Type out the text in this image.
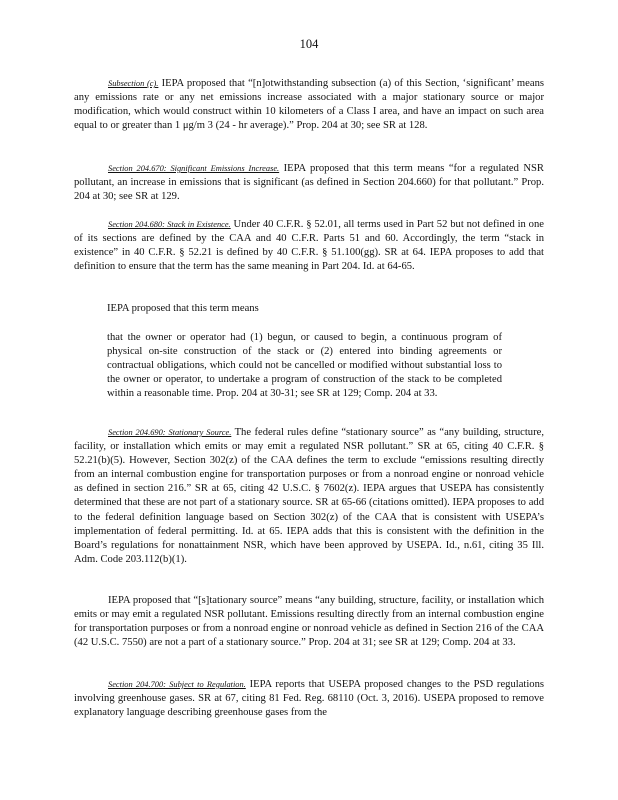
104

Subsection (c). IEPA proposed that “[n]otwithstanding subsection (a) of this Section, ‘significant’ means any emissions rate or any net emissions increase associated with a major stationary source or major modification, which would construct within 10 kilometers of a Class I area, and have an impact on such area equal to or greater than 1 μg/m 3 (24 - hr average).” Prop. 204 at 30; see SR at 128.

Section 204.670: Significant Emissions Increase. IEPA proposed that this term means “for a regulated NSR pollutant, an increase in emissions that is significant (as defined in Section 204.660) for that pollutant.” Prop. 204 at 30; see SR at 129.

Section 204.680: Stack in Existence. Under 40 C.F.R. § 52.01, all terms used in Part 52 but not defined in one of its sections are defined by the CAA and 40 C.F.R. Parts 51 and 60. Accordingly, the term “stack in existence” in 40 C.F.R. § 52.21 is defined by 40 C.F.R. § 51.100(gg). SR at 64. IEPA proposes to add that definition to ensure that the term has the same meaning in Part 204. Id. at 64-65.

IEPA proposed that this term means

that the owner or operator had (1) begun, or caused to begin, a continuous program of physical on-site construction of the stack or (2) entered into binding agreements or contractual obligations, which could not be cancelled or modified without substantial loss to the owner or operator, to undertake a program of construction of the stack to be completed within a reasonable time. Prop. 204 at 30-31; see SR at 129; Comp. 204 at 33.

Section 204.690: Stationary Source. The federal rules define “stationary source” as “any building, structure, facility, or installation which emits or may emit a regulated NSR pollutant.” SR at 65, citing 40 C.F.R. § 52.21(b)(5). However, Section 302(z) of the CAA defines the term to exclude “emissions resulting directly from an internal combustion engine for transportation purposes or from a nonroad engine or nonroad vehicle as defined in section 216.” SR at 65, citing 42 U.S.C. § 7602(z). IEPA argues that USEPA has consistently determined that these are not part of a stationary source. SR at 65-66 (citations omitted). IEPA proposes to add to the federal definition language based on Section 302(z) of the CAA that is consistent with USEPA’s implementation of federal permitting. Id. at 65. IEPA adds that this is consistent with the definition in the Board’s regulations for nonattainment NSR, which have been approved by USEPA. Id., n.61, citing 35 Ill. Adm. Code 203.112(b)(1).

IEPA proposed that “[s]tationary source” means “any building, structure, facility, or installation which emits or may emit a regulated NSR pollutant. Emissions resulting directly from an internal combustion engine for transportation purposes or from a nonroad engine or nonroad vehicle as defined in Section 216 of the CAA (42 U.S.C. 7550) are not a part of a stationary source.” Prop. 204 at 31; see SR at 129; Comp. 204 at 33.

Section 204.700: Subject to Regulation. IEPA reports that USEPA proposed changes to the PSD regulations involving greenhouse gases. SR at 67, citing 81 Fed. Reg. 68110 (Oct. 3, 2016). USEPA proposed to remove explanatory language describing greenhouse gases from the
